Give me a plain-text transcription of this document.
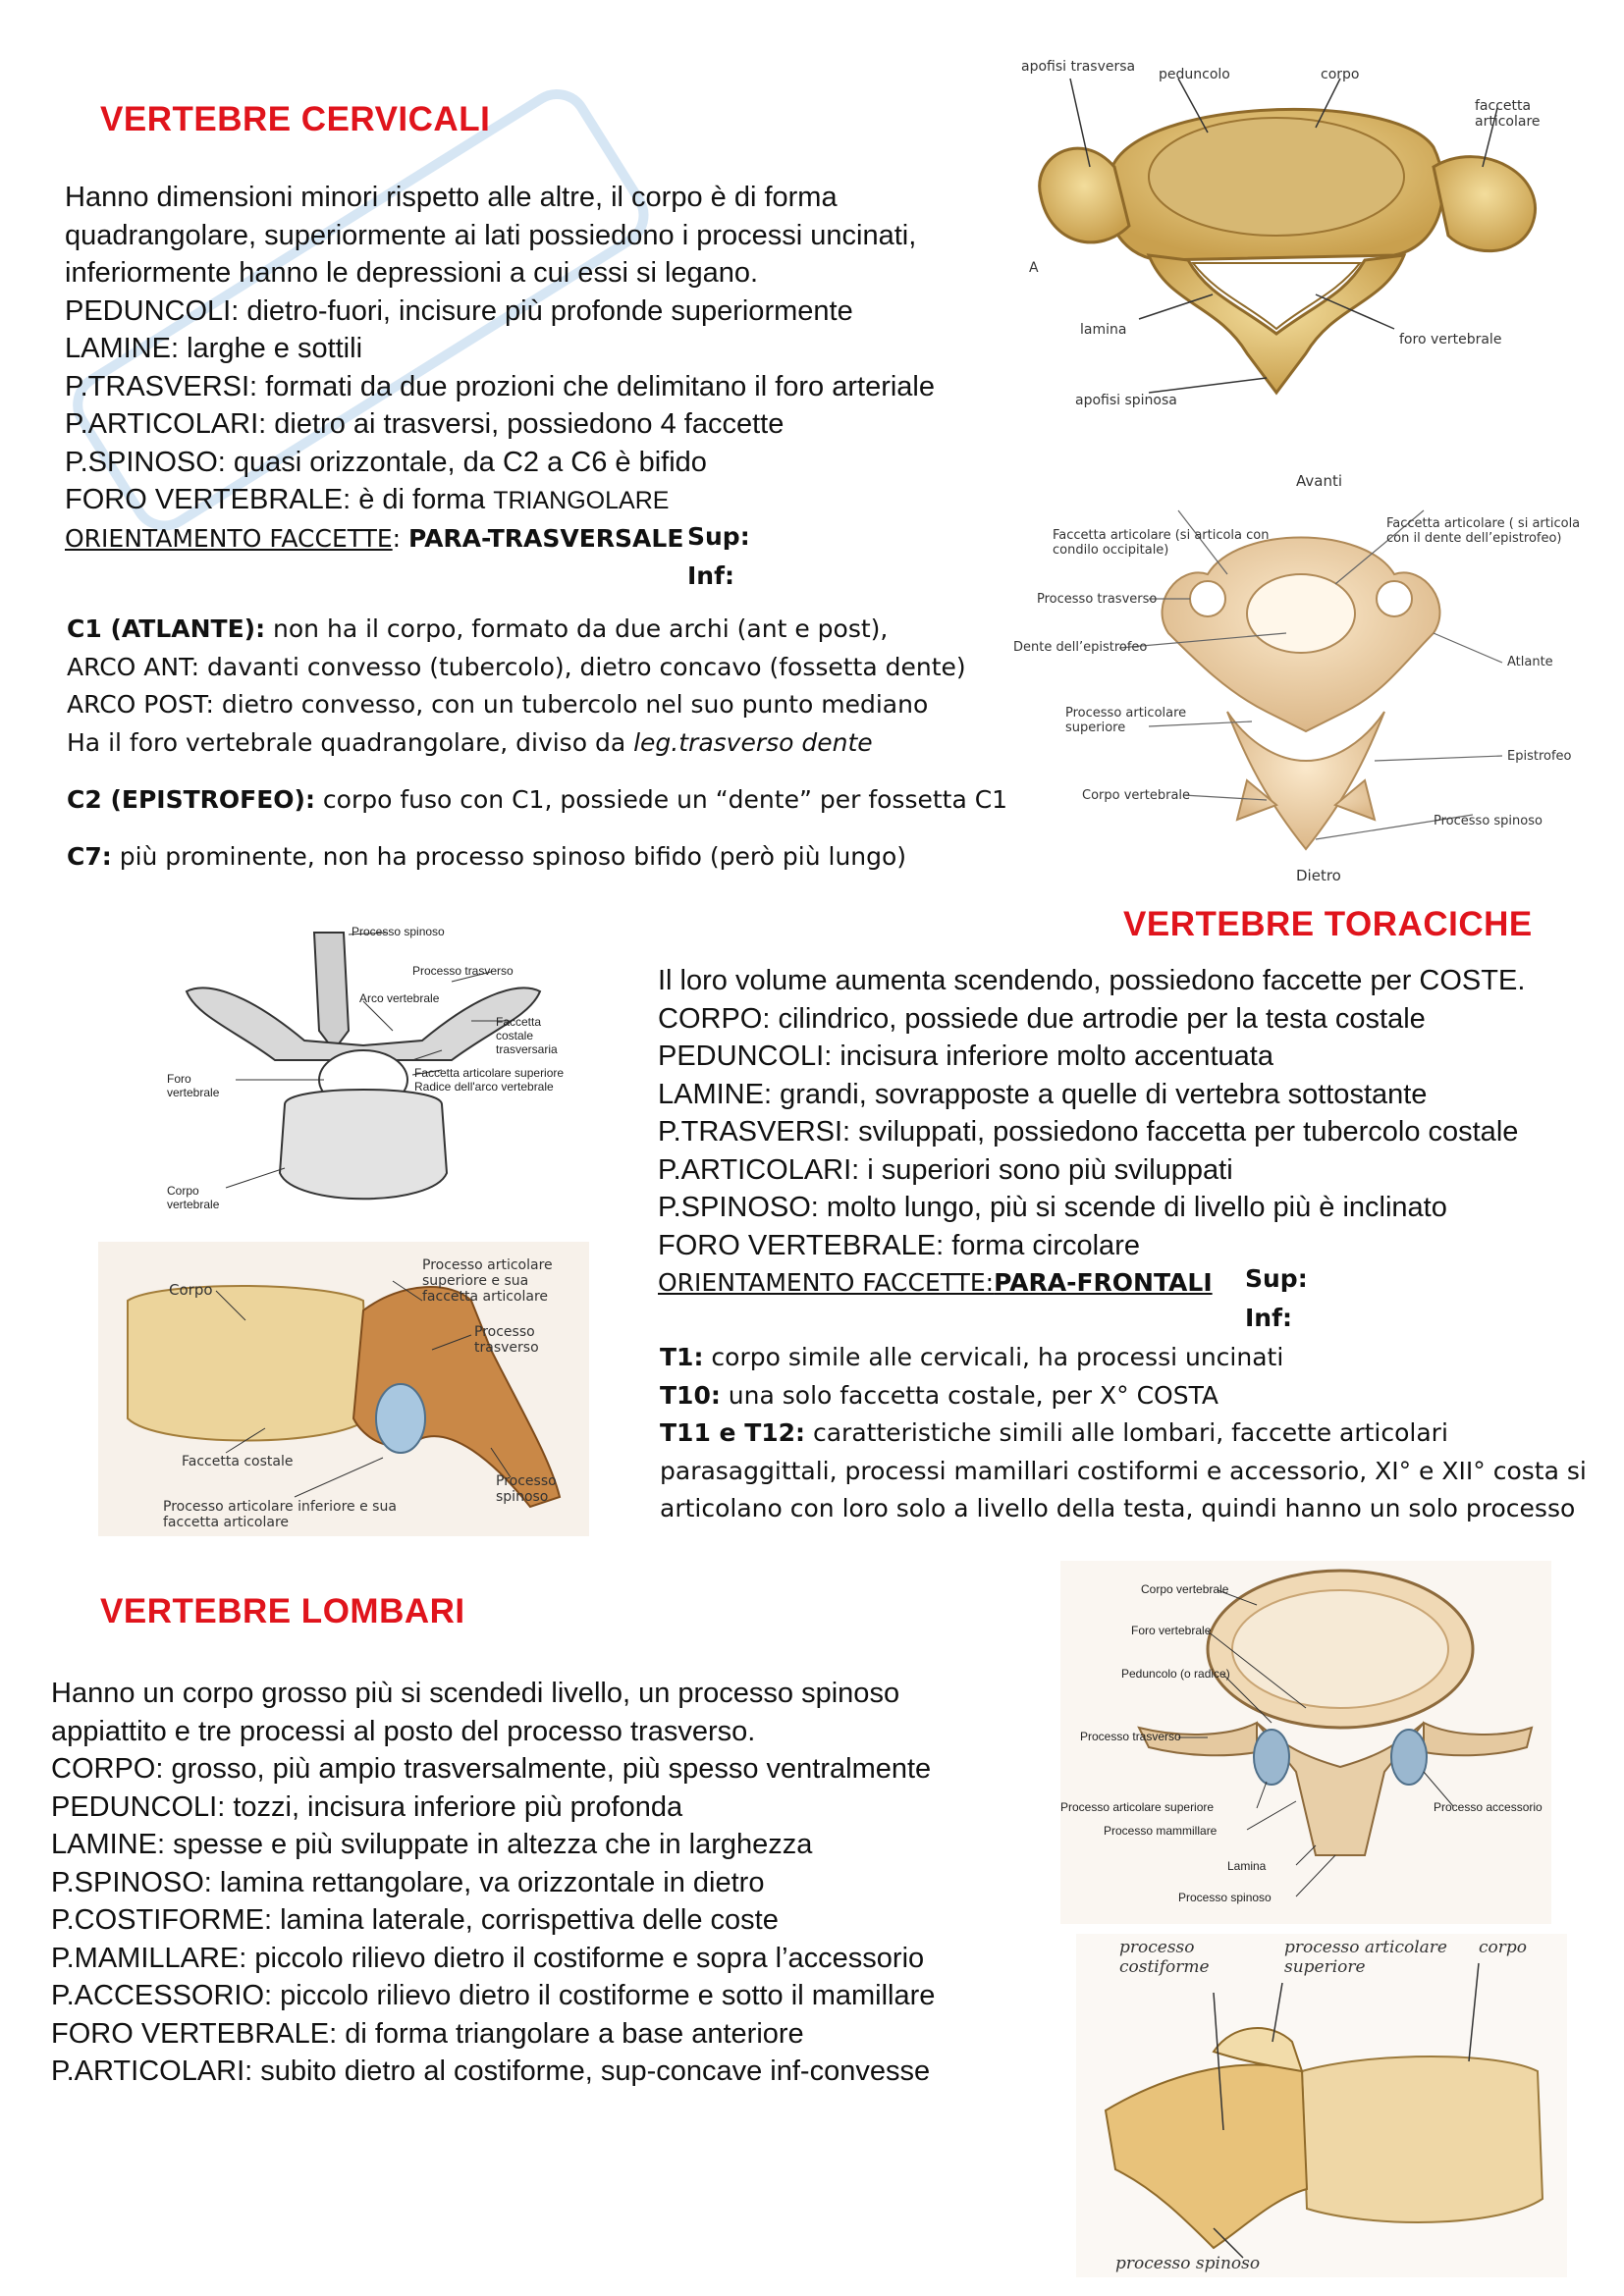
VERTEBRE CERVICALI
Hanno dimensioni minori rispetto alle altre, il corpo è di forma
quadrangolare, superiormente ai lati possiedono i processi uncinati,
inferiormente hanno le depressioni a cui essi si legano.
PEDUNCOLI: dietro-fuori, incisure più profonde superiormente
LAMINE: larghe e sottili
P.TRASVERSI: formati da due prozioni che delimitano il foro arteriale
P.ARTICOLARI: dietro ai trasversi, possiedono 4 faccette
P.SPINOSO: quasi orizzontale, da C2 a C6 è bifido
FORO VERTEBRALE: è di forma TRIANGOLARE
ORIENTAMENTO FACCETTE: PARA-TRASVERSALE Sup:
Inf:
C1 (ATLANTE): non ha il corpo, formato da due archi (ant e post),
ARCO ANT: davanti convesso (tubercolo), dietro concavo (fossetta dente)
ARCO POST: dietro convesso, con un tubercolo nel suo punto mediano
Ha il foro vertebrale quadrangolare, diviso da leg.trasverso dente
C2 (EPISTROFEO): corpo fuso con C1, possiede un “dente” per fossetta C1
C7: più prominente, non ha processo spinoso bifido (però più lungo)
apofisi trasversa peduncolo	corpo
faccetta articolare
A
lamina
foro vertebrale
apofisi spinosa
Avanti
Dietro
Faccetta articolare (si articola con condilo occipitale)
Faccetta articolare ( si articola con il dente dell’epistrofeo)
Processo trasverso
Dente dell’epistrofeo
Atlante
Processo articolare superiore
Epistrofeo
Corpo vertebrale
Processo spinoso
VERTEBRE TORACICHE
Il loro volume aumenta scendendo, possiedono faccette per COSTE.
CORPO: cilindrico, possiede due artrodie per la testa costale
PEDUNCOLI: incisura inferiore molto accentuata
LAMINE: grandi, sovrapposte a quelle di vertebra sottostante
P.TRASVERSI: sviluppati, possiedono faccetta per tubercolo costale
P.ARTICOLARI: i superiori sono più sviluppati
P.SPINOSO: molto lungo, più si scende di livello più è inclinato
FORO VERTEBRALE: forma circolare
ORIENTAMENTO FACCETTE:PARA-FRONTALI Sup:
Inf:
T1: corpo simile alle cervicali, ha processi uncinati
T10: una solo faccetta costale, per X° COSTA
T11 e T12: caratteristiche simili alle lombari, faccette articolari
parasaggittali, processi mamillari costiformi e accessorio, XI° e XII° costa si
articolano con loro solo a livello della testa, quindi hanno un solo processo
Processo spinoso
Processo trasverso
Arco vertebrale
Faccetta costale trasversaria
Foro vertebrale
Faccetta articolare superiore
Radice dell'arco vertebrale
Corpo vertebrale
Corpo
Processo articolare superiore e sua faccetta articolare
Processo trasverso
Faccetta costale
Processo spinoso
Processo articolare inferiore e sua faccetta articolare
VERTEBRE LOMBARI
Hanno un corpo grosso più si scendedi livello, un processo spinoso
appiattito e tre processi al posto del processo trasverso.
CORPO: grosso, più ampio trasversalmente, più spesso ventralmente
PEDUNCOLI: tozzi, incisura inferiore più profonda
LAMINE: spesse e più sviluppate in altezza che in larghezza
P.SPINOSO: lamina rettangolare, va orizzontale in dietro
P.COSTIFORME: lamina laterale, corrispettiva delle coste
P.MAMILLARE: piccolo rilievo dietro il costiforme e sopra l’accessorio
P.ACCESSORIO: piccolo rilievo dietro il costiforme e sotto il mamillare
FORO VERTEBRALE: di forma triangolare a base anteriore
P.ARTICOLARI: subito dietro al costiforme, sup-concave inf-convesse
Corpo vertebrale
Foro vertebrale
Peduncolo (o radice)
Processo trasverso
Processo articolare superiore
Processo mammillare
Lamina
Processo spinoso
Processo accessorio
processo costiforme
processo articolare superiore
corpo
processo spinoso
